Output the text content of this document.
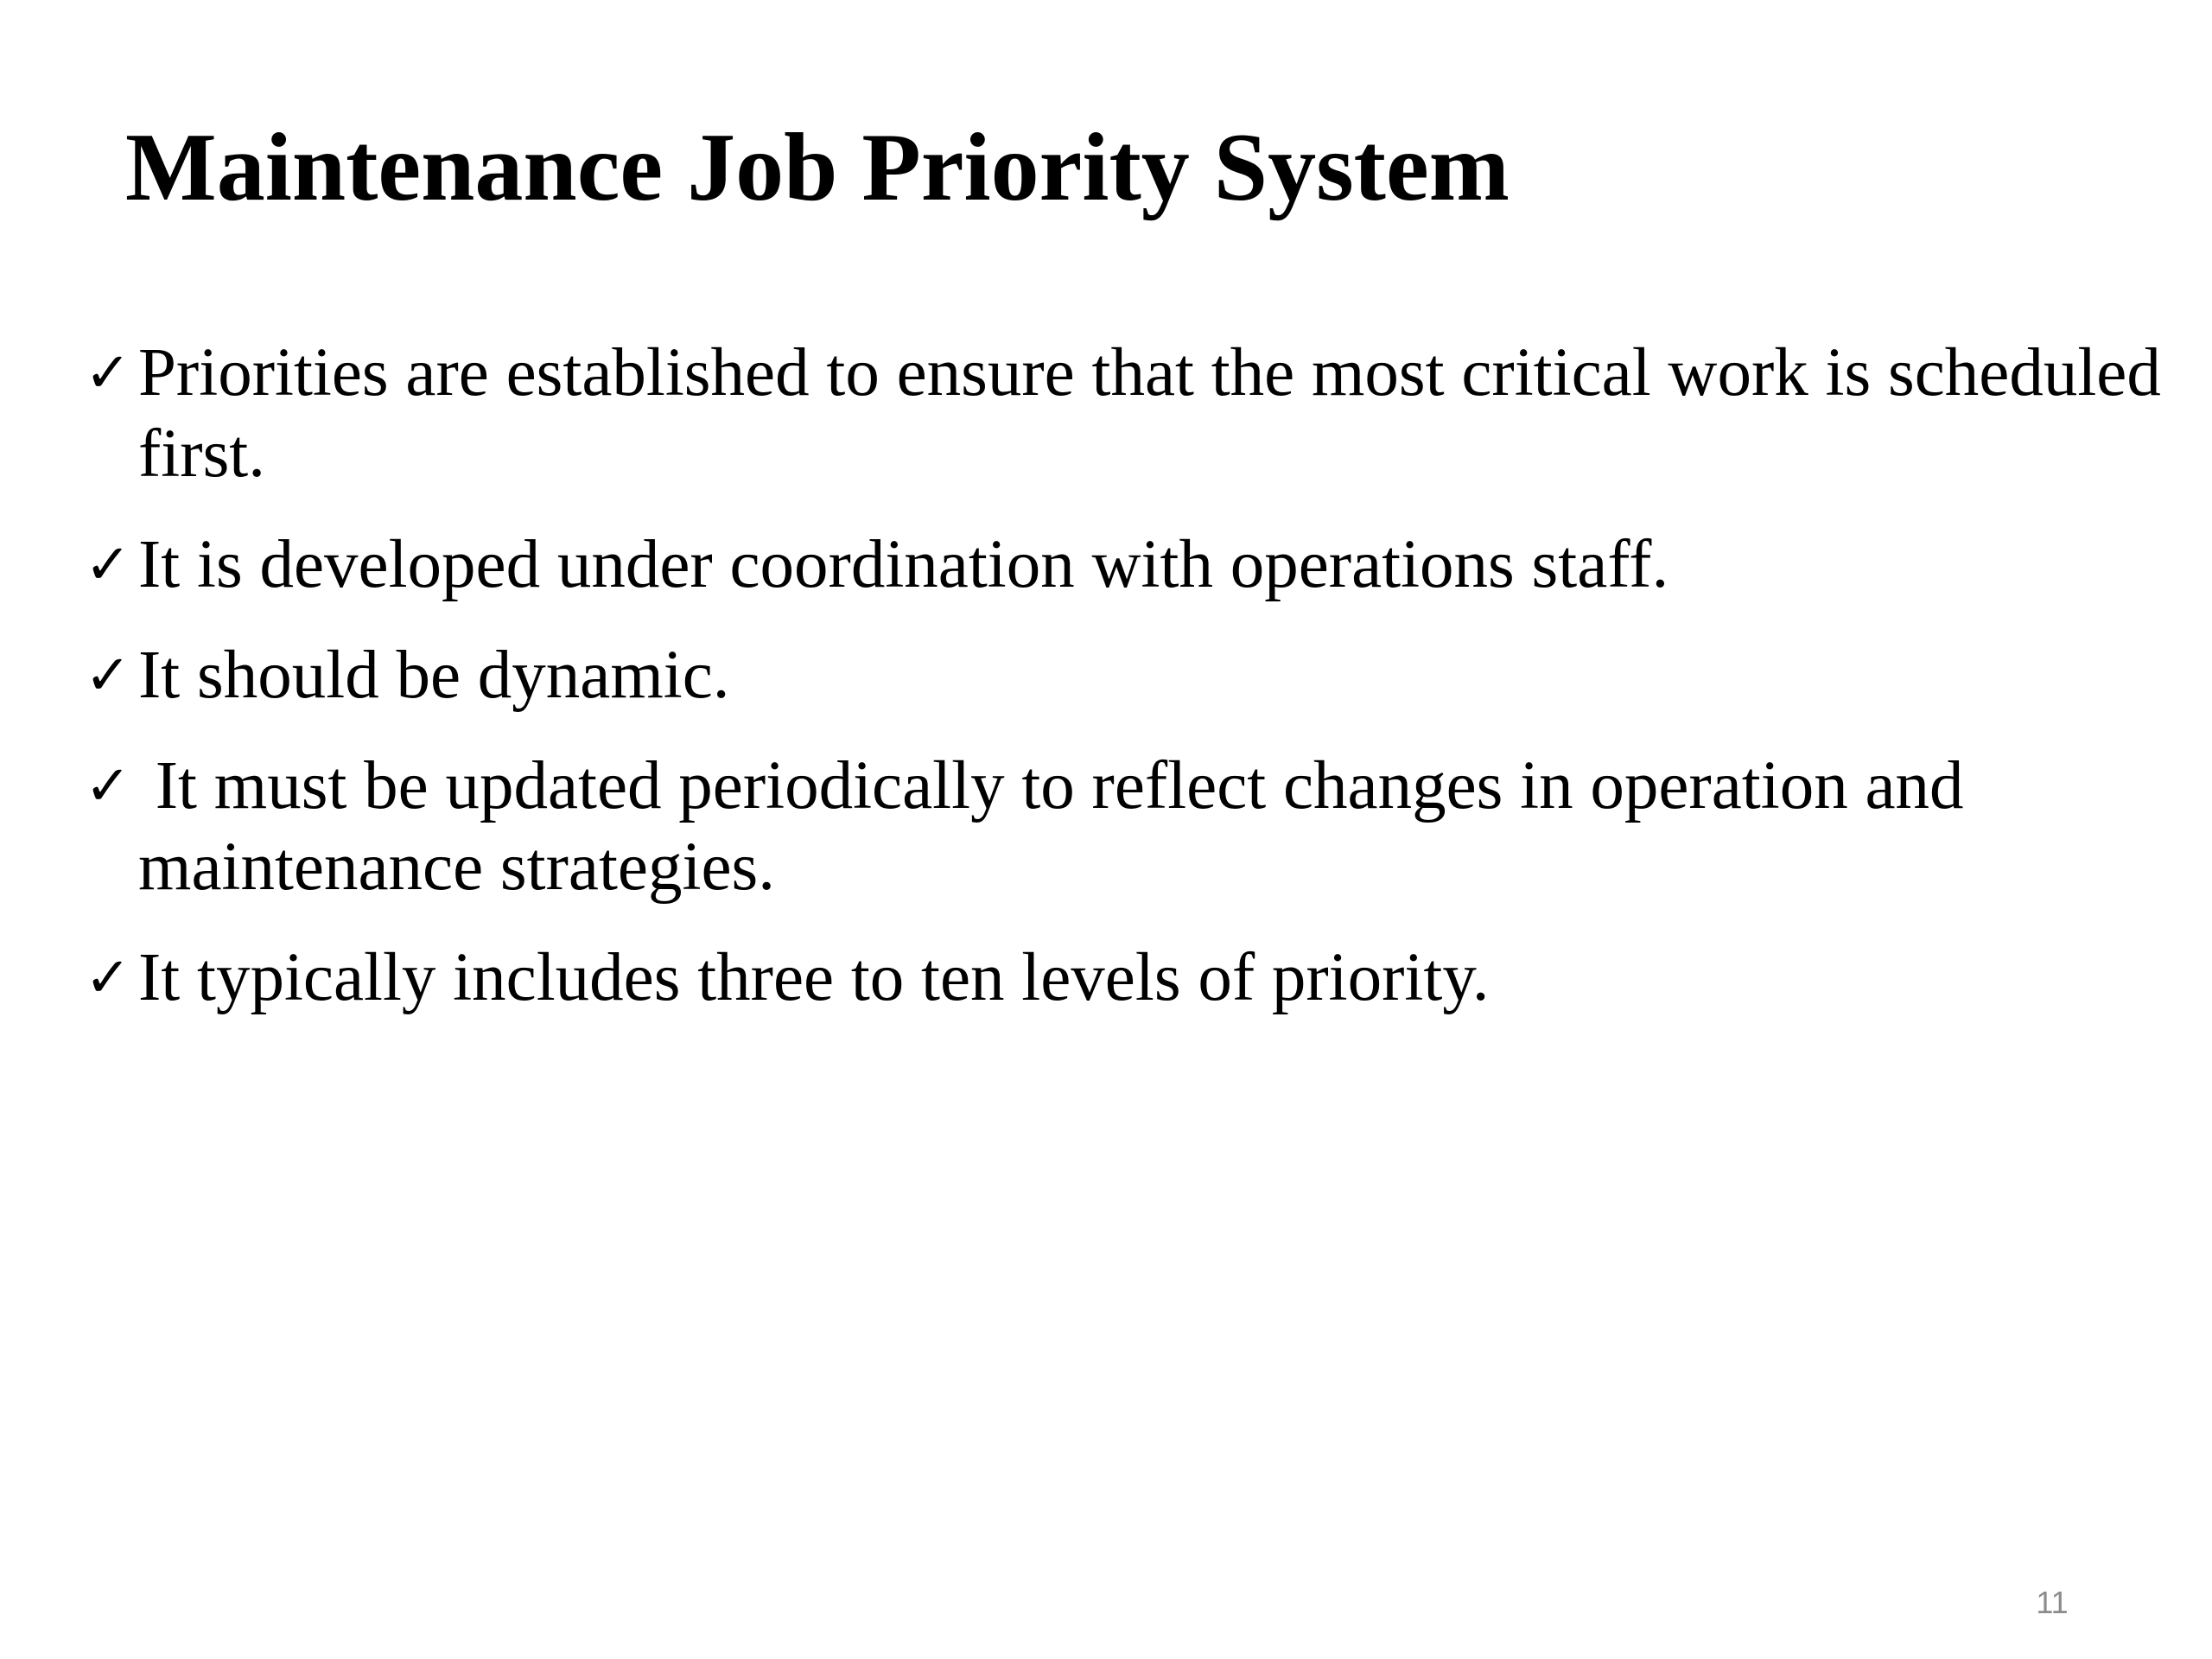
Maintenance Job Priority System
✓ Priorities are established to ensure that the most critical work is scheduled first.
✓ It is developed under coordination with operations staff.
✓ It should be dynamic.
✓ It must be updated periodically to reflect changes in operation and maintenance strategies.
✓ It typically includes three to ten levels of priority.
11
